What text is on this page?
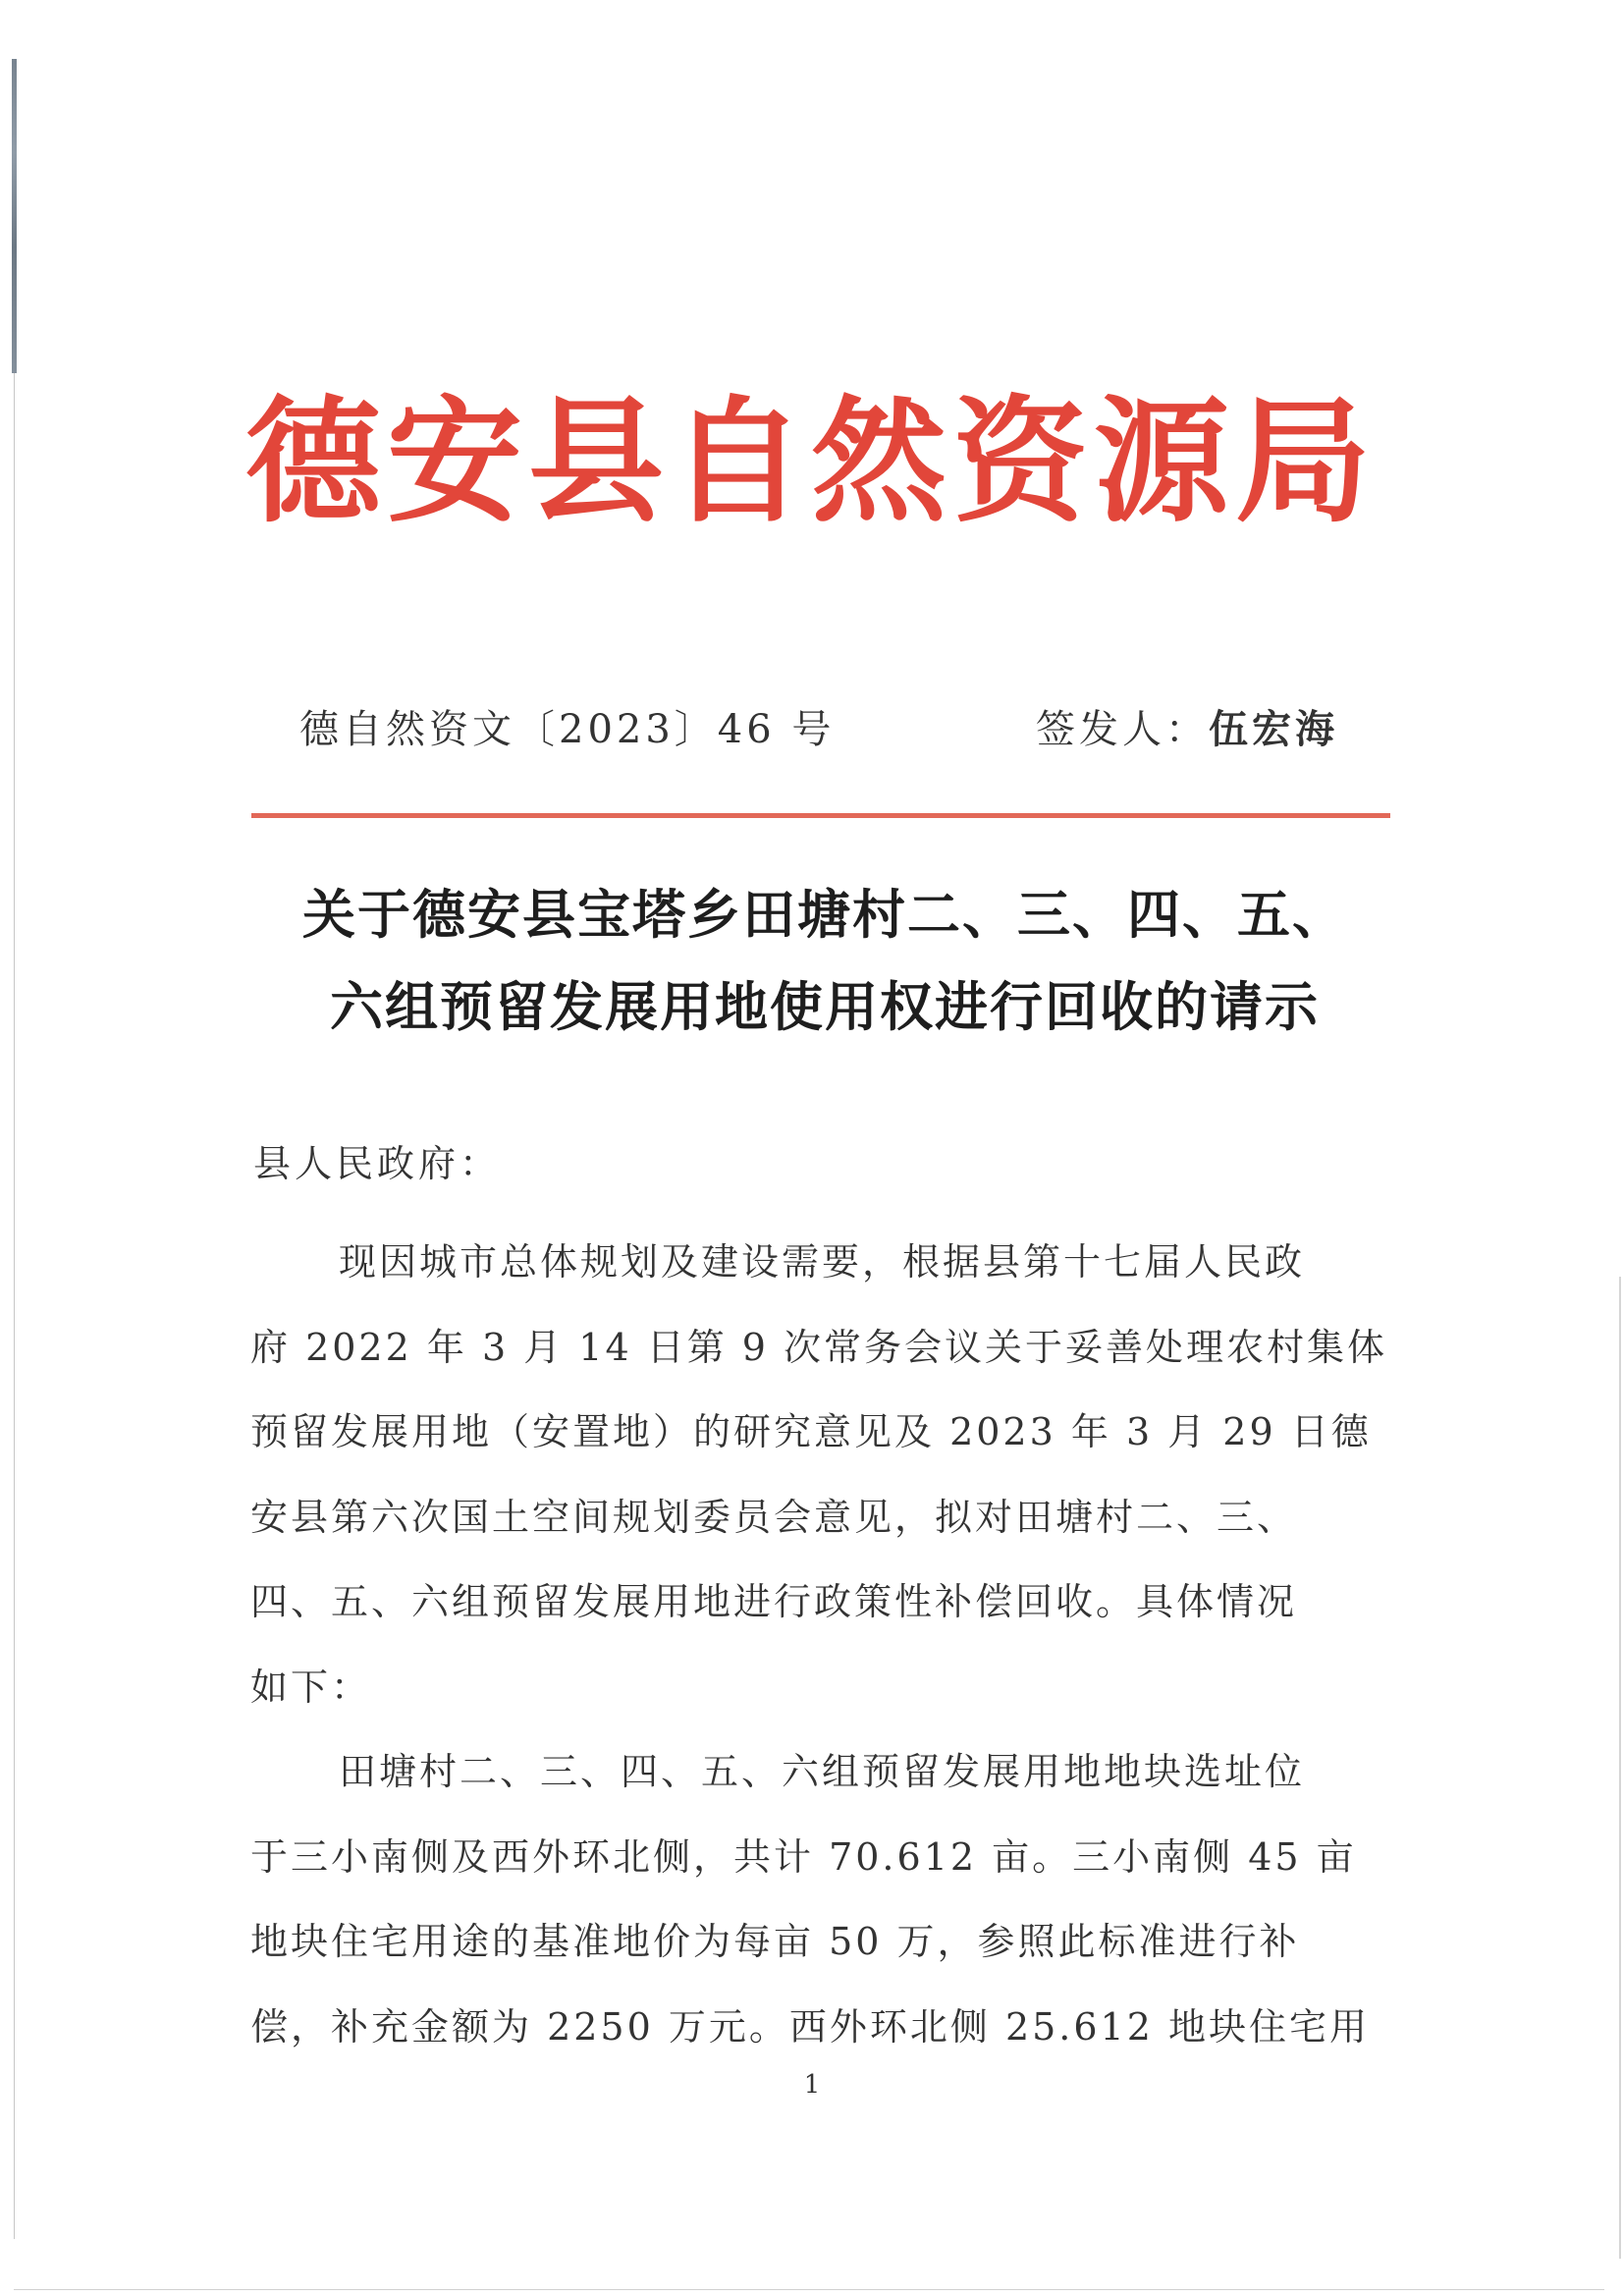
德安县自然资源局
德自然资文〔2023〕46 号	签发人：伍宏海
关于德安县宝塔乡田塘村二、三、四、五、
六组预留发展用地使用权进行回收的请示
县人民政府：
现因城市总体规划及建设需要，根据县第十七届人民政
府 2022 年 3 月 14 日第 9 次常务会议关于妥善处理农村集体
预留发展用地（安置地）的研究意见及 2023 年 3 月 29 日德
安县第六次国土空间规划委员会意见，拟对田塘村二、三、
四、五、六组预留发展用地进行政策性补偿回收。具体情况
如下：
田塘村二、三、四、五、六组预留发展用地地块选址位
于三小南侧及西外环北侧，共计 70.612 亩。三小南侧 45 亩
地块住宅用途的基准地价为每亩 50 万，参照此标准进行补
偿，补充金额为 2250 万元。西外环北侧 25.612 地块住宅用
1
